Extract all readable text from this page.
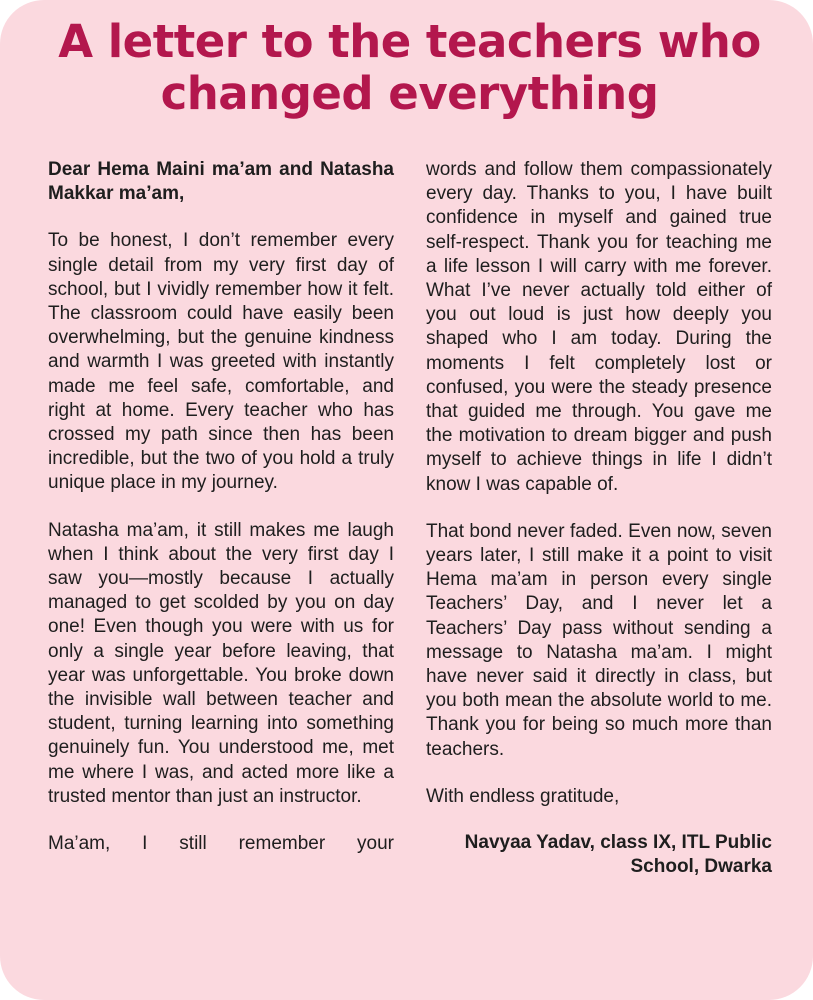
A letter to the teachers who changed everything

Dear Hema Maini ma’am and Natasha Makkar ma’am,

To be honest, I don’t remember every single detail from my very first day of school, but I vividly remember how it felt. The classroom could have easily been overwhelming, but the genuine kindness and warmth I was greeted with instantly made me feel safe, comfortable, and right at home. Every teacher who has crossed my path since then has been incredible, but the two of you hold a truly unique place in my journey.

Natasha ma’am, it still makes me laugh when I think about the very first day I saw you—mostly because I actually managed to get scolded by you on day one! Even though you were with us for only a single year before leaving, that year was unforgettable. You broke down the invisible wall between teacher and student, turning learning into something genuinely fun. You understood me, met me where I was, and acted more like a trusted mentor than just an instructor.

Ma’am, I still remember your

words and follow them compassionately every day. Thanks to you, I have built confidence in myself and gained true self-respect. Thank you for teaching me a life lesson I will carry with me forever. What I’ve never actually told either of you out loud is just how deeply you shaped who I am today. During the moments I felt completely lost or confused, you were the steady presence that guided me through. You gave me the motivation to dream bigger and push myself to achieve things in life I didn’t know I was capable of.

That bond never faded. Even now, seven years later, I still make it a point to visit Hema ma’am in person every single Teachers’ Day, and I never let a Teachers’ Day pass without sending a message to Natasha ma’am. I might have never said it directly in class, but you both mean the absolute world to me. Thank you for being so much more than teachers.

With endless gratitude,

Navyaa Yadav, class IX, ITL Public School, Dwarka
